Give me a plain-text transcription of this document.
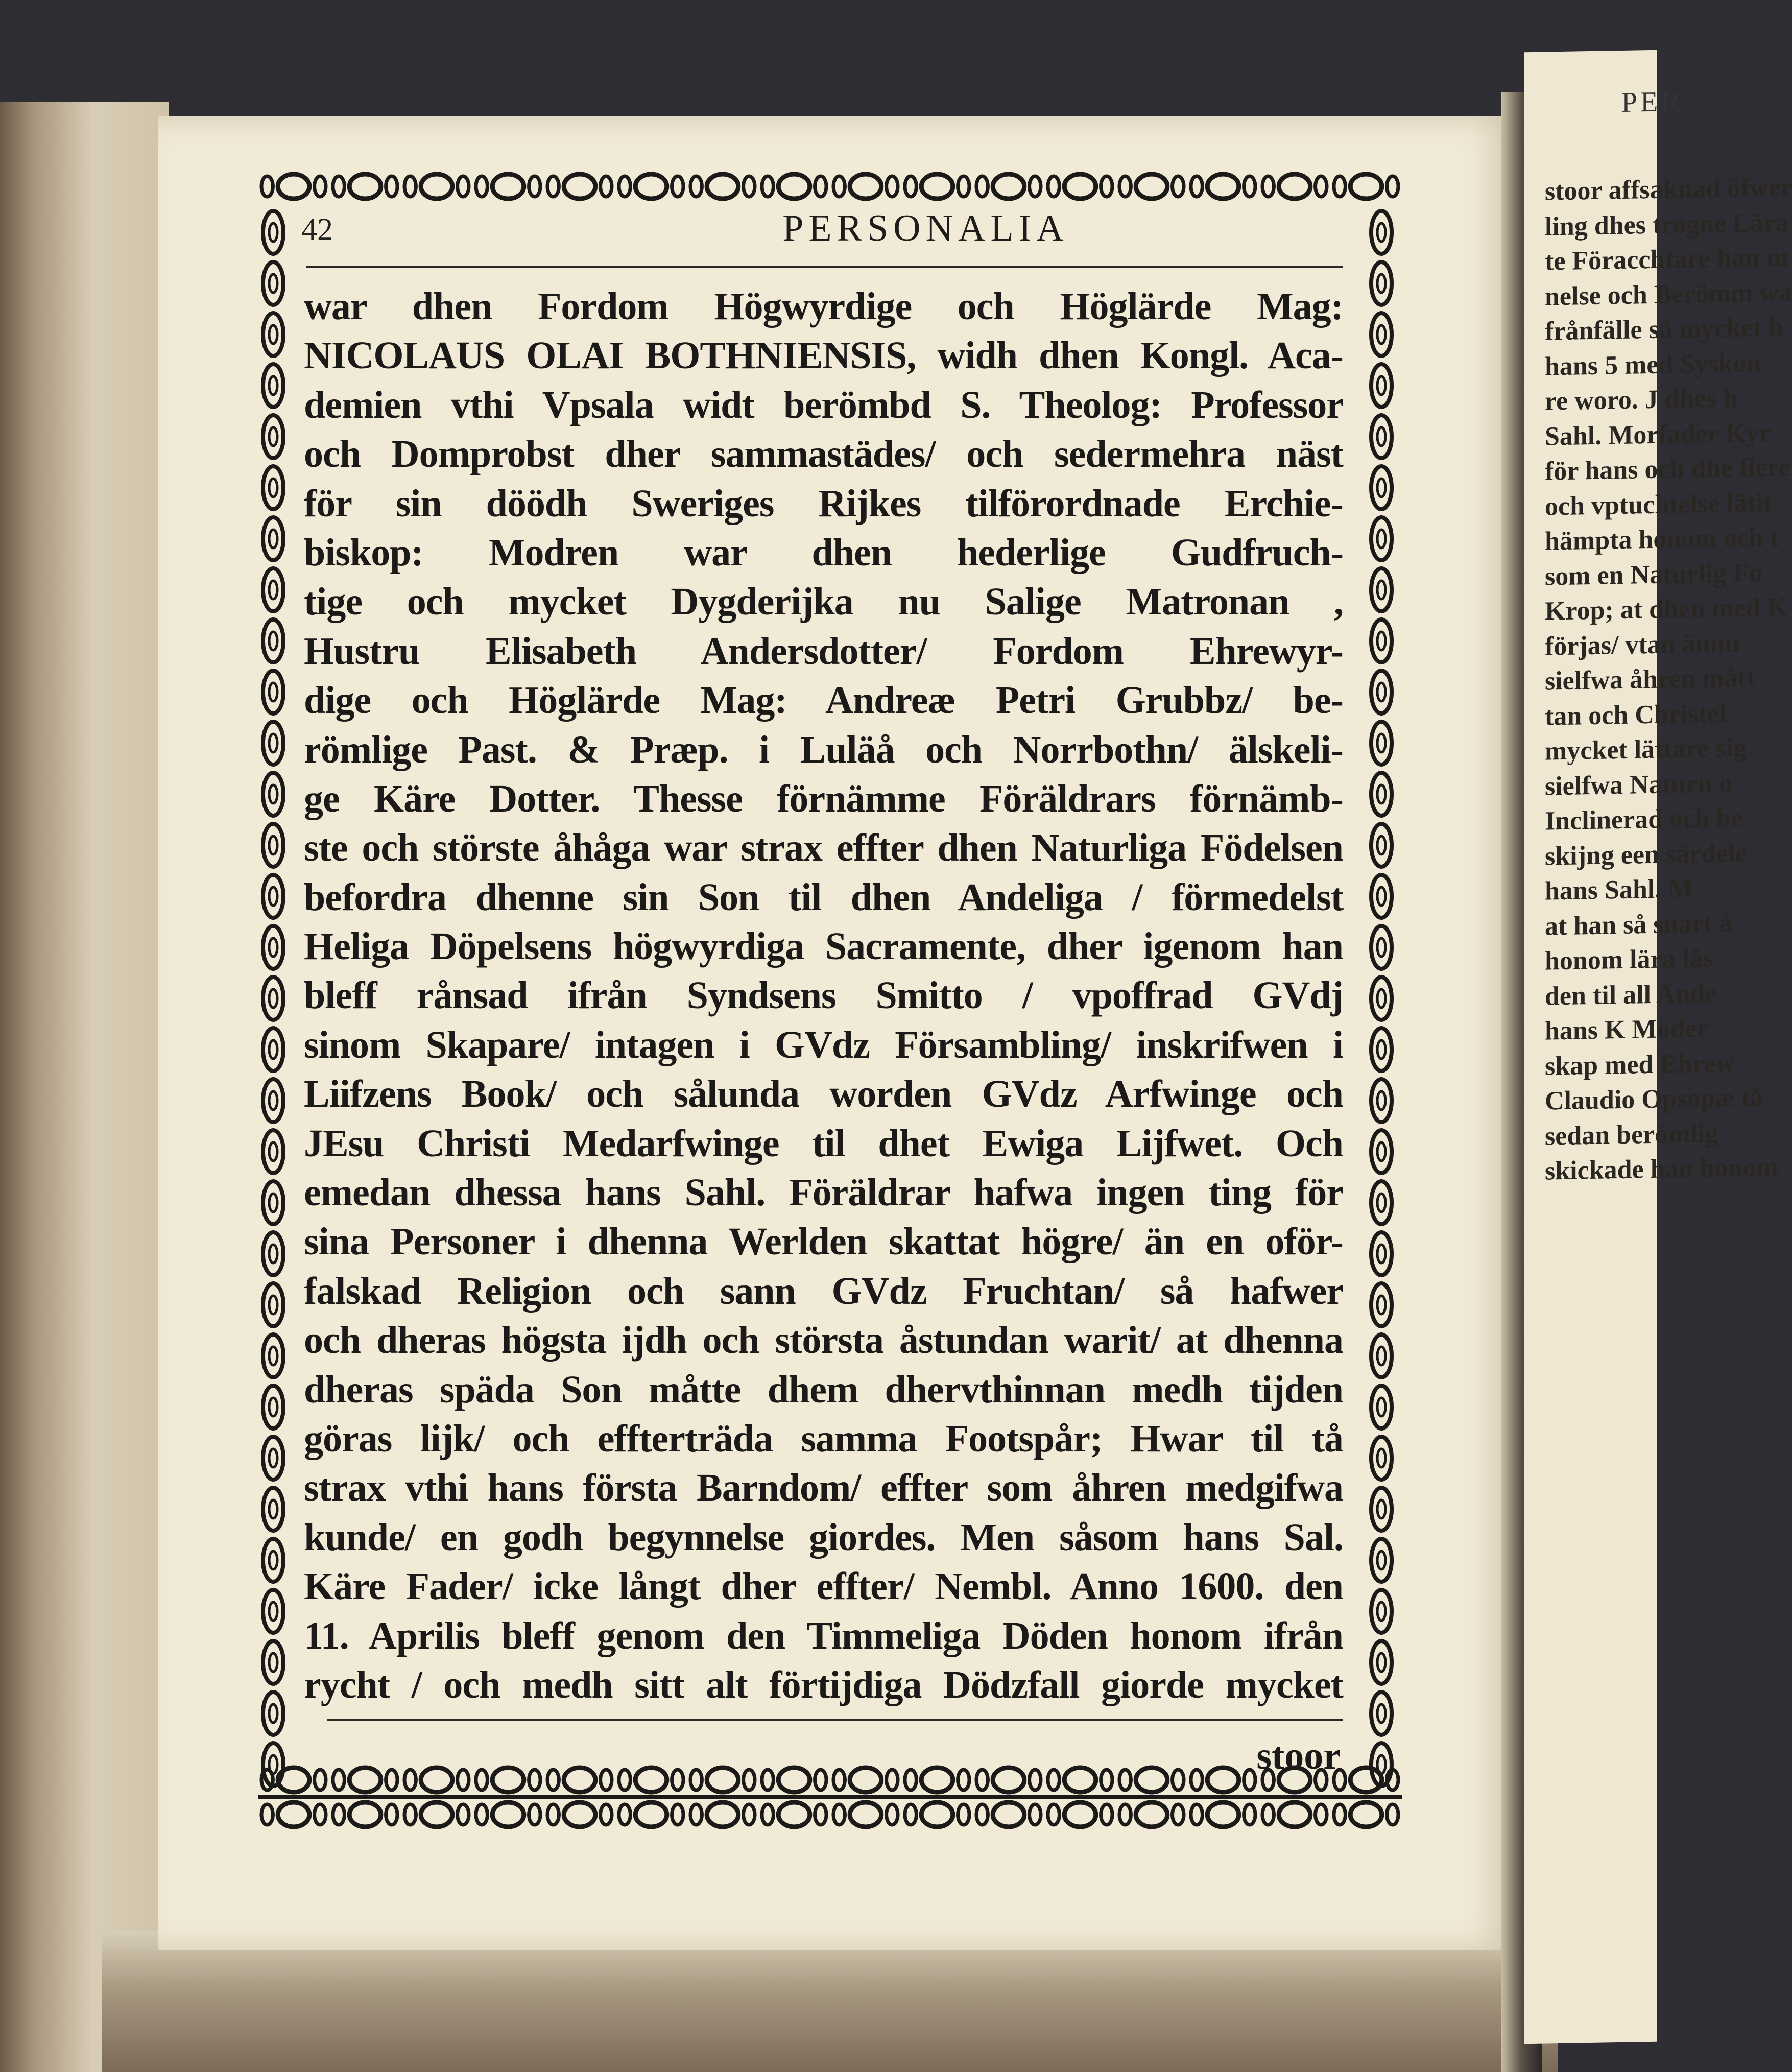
PER
stoor affsaknad öfwer
ling dhes trogne Lära
te Föracchtare han m
nelse och Berömm wa
frånfälle så mycket h
hans 5 med Syskon
re woro. J dhes h
Sahl. Morfader Kyr
för hans och dhe flere
och vptuchtelse lätit
hämpta honom och t
som en Naturlig Fo
Krop; at dhen med K
förjas/ vtan ännu
sielfwa åhren mått
tan och Christel
mycket lättare sig
sielfwa Naturn o
Inclinerad och be
skijng een särdele
hans Sahl. M
at han så snart å
honom lära lås
den til all Ande
hans K Moder
skap med Ehrew
Claudio Opsopæ tå
sedan berömlig
skickade han honom
42	PERSONALIA
war dhen Fordom Högwyrdige och Höglärde Mag:
NICOLAUS OLAI BOTHNIENSIS, widh dhen Kongl. Aca-
demien vthi Vpsala widt berömbd S. Theolog: Professor
och Domprobst dher sammastädes/ och sedermehra näst
för sin döödh Sweriges Rijkes tilförordnade Erchie-
biskop: Modren war dhen hederlige Gudfruch-
tige och mycket Dygderijka nu Salige Matronan ,
Hustru Elisabeth Andersdotter/ Fordom Ehrewyr-
dige och Höglärde Mag: Andreæ Petri Grubbz/ be-
römlige Past. & Præp. i Luläå och Norrbothn/ älskeli-
ge Käre Dotter. Thesse förnämme Föräldrars förnämb-
ste och störste åhåga war strax effter dhen Naturliga Födelsen
befordra dhenne sin Son til dhen Andeliga / förmedelst
Heliga Döpelsens högwyrdiga Sacramente, dher igenom han
bleff rånsad ifrån Syndsens Smitto / vpoffrad GVdj
sinom Skapare/ intagen i GVdz Försambling/ inskrifwen i
Liifzens Book/ och sålunda worden GVdz Arfwinge och
JEsu Christi Medarfwinge til dhet Ewiga Lijfwet. Och
emedan dhessa hans Sahl. Föräldrar hafwa ingen ting för
sina Personer i dhenna Werlden skattat högre/ än en oför-
falskad Religion och sann GVdz Fruchtan/ så hafwer
och dheras högsta ijdh och största åstundan warit/ at dhenna
dheras späda Son måtte dhem dhervthinnan medh tijden
göras lijk/ och effterträda samma Footspår; Hwar til tå
strax vthi hans första Barndom/ effter som åhren medgifwa
kunde/ en godh begynnelse giordes. Men såsom hans Sal.
Käre Fader/ icke långt dher effter/ Nembl. Anno 1600. den
11. Aprilis bleff genom den Timmeliga Döden honom ifrån
rycht / och medh sitt alt förtijdiga Dödzfall giorde mycket
stoor
